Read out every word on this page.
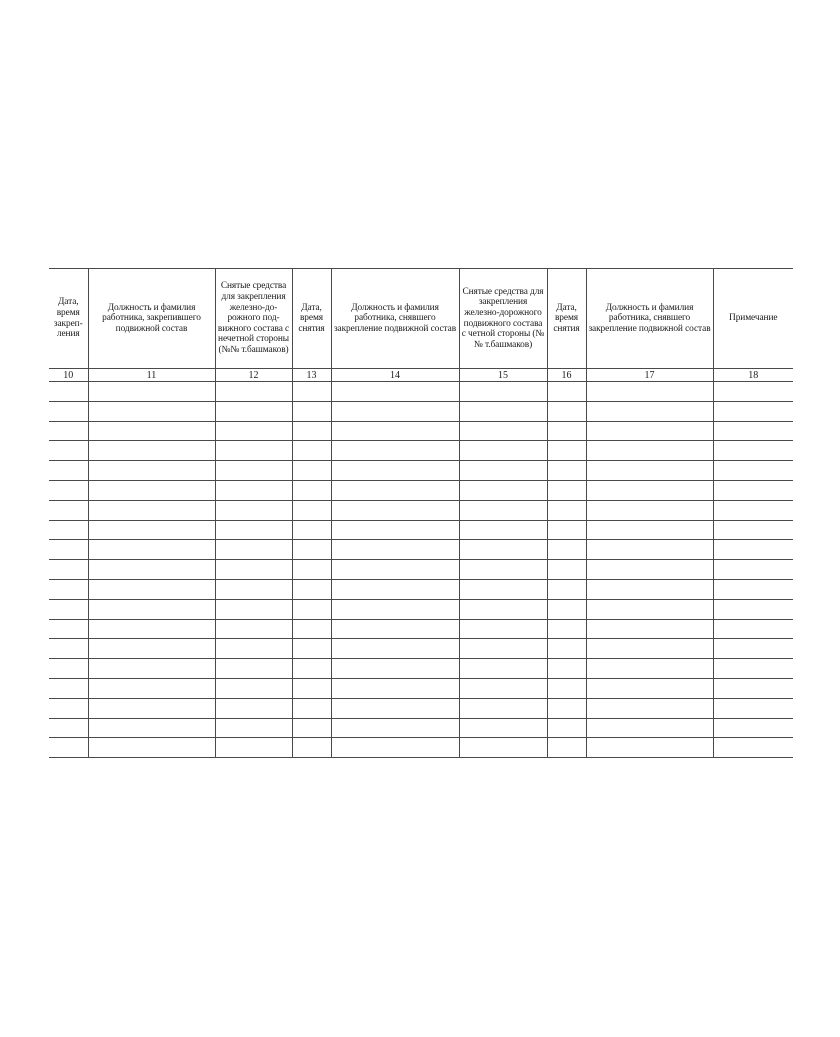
Дата, время закреп- ления	Должность и фамилия работника, закрепившего подвижной состав	Снятые средства для закрепления железно-до- рожного под- вижного состава с нечетной стороны (№№ т.башмаков)	Дата, время снятия	Должность и фамилия работника, снявшего закрепление подвижной состав	Снятые средства для закрепления железно-дорожного подвижного состава с четной стороны (№№ т.башмаков)	Дата, время снятия	Должность и фамилия работника, снявшего закрепление подвижной состав	Примечание
10	11	12	13	14	15	16	17	18
